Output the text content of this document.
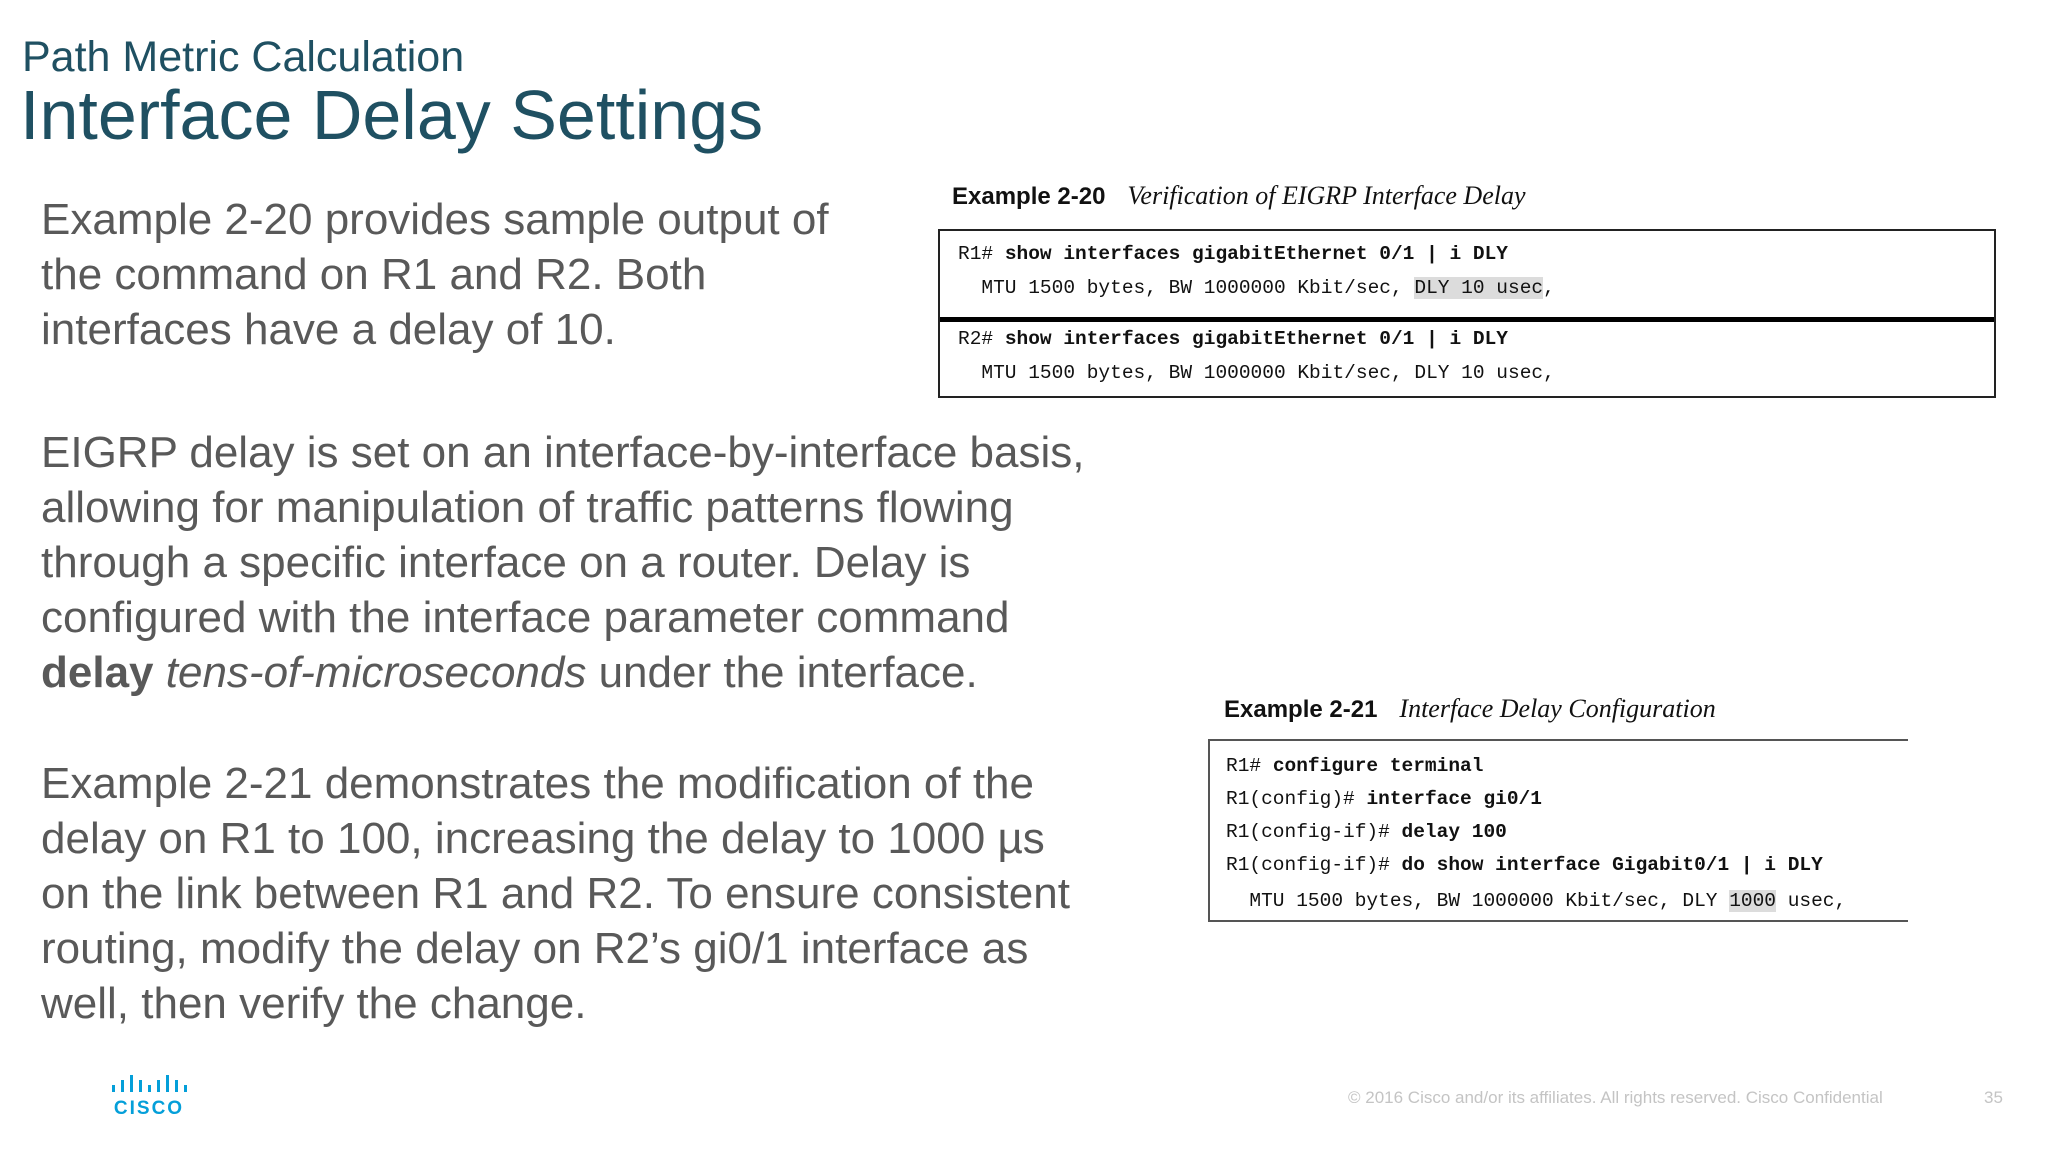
Path Metric Calculation
Interface Delay Settings
Example 2-20 provides sample output of
the command on R1 and R2. Both
interfaces have a delay of 10.
EIGRP delay is set on an interface-by-interface basis,
allowing for manipulation of traffic patterns flowing
through a specific interface on a router. Delay is
configured with the interface parameter command
delay tens-of-microseconds under the interface.
Example 2-21 demonstrates the modification of the
delay on R1 to 100, increasing the delay to 1000 µs
on the link between R1 and R2. To ensure consistent
routing, modify the delay on R2’s gi0/1 interface as
well, then verify the change.
Example 2-20 Verification of EIGRP Interface Delay
R1# show interfaces gigabitEthernet 0/1 | i DLY
MTU 1500 bytes, BW 1000000 Kbit/sec, DLY 10 usec,
R2# show interfaces gigabitEthernet 0/1 | i DLY
MTU 1500 bytes, BW 1000000 Kbit/sec, DLY 10 usec,
Example 2-21 Interface Delay Configuration
R1# configure terminal
R1(config)# interface gi0/1
R1(config-if)# delay 100
R1(config-if)# do show interface Gigabit0/1 | i DLY
MTU 1500 bytes, BW 1000000 Kbit/sec, DLY 1000 usec,
CISCO
© 2016 Cisco and/or its affiliates. All rights reserved. Cisco Confidential	35
